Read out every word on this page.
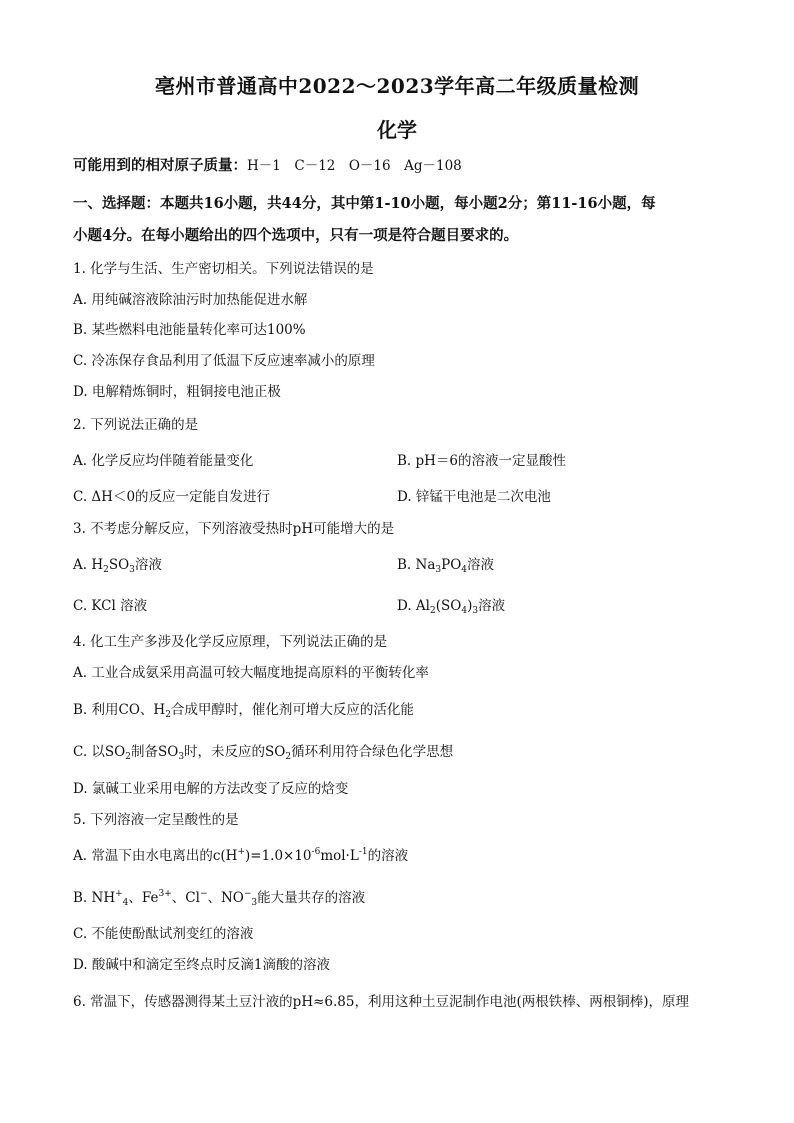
亳州市普通高中2022～2023学年高二年级质量检测
化学
可能用到的相对原子质量：H－1　C－12　O－16　Ag－108
一、选择题：本题共16小题，共44分，其中第1-10小题，每小题2分；第11-16小题，每
小题4分。在每小题给出的四个选项中，只有一项是符合题目要求的。
1. 化学与生活、生产密切相关。下列说法错误的是
A. 用纯碱溶液除油污时加热能促进水解
B. 某些燃料电池能量转化率可达100%
C. 冷冻保存食品利用了低温下反应速率减小的原理
D. 电解精炼铜时，粗铜接电池正极
2. 下列说法正确的是
A. 化学反应均伴随着能量变化	B. pH＝6的溶液一定显酸性
C. ΔH＜0的反应一定能自发进行	D. 锌锰干电池是二次电池
3. 不考虑分解反应，下列溶液受热时pH可能增大的是
A. $H_2SO_3$溶液	B. $Na_3PO_4$溶液
C. KCl 溶液	D. $Al_2(SO_4)_3$溶液
4. 化工生产多涉及化学反应原理，下列说法正确的是
A. 工业合成氨采用高温可较大幅度地提高原料的平衡转化率
B. 利用CO、$H_2$合成甲醇时，催化剂可增大反应的活化能
C. 以$SO_2$制备$SO_3$时，未反应的$SO_2$循环利用符合绿色化学思想
D. 氯碱工业采用电解的方法改变了反应的焓变
5. 下列溶液一定呈酸性的是
A. 常温下由水电离出的$c(H^+)=1.0\times 10^{-6}mol\cdot L^{-1}$的溶液
B. $NH^+_4$、$Fe^{3+}$、Cl−、$NO^-_3$能大量共存的溶液
C. 不能使酚酞试剂变红的溶液
D. 酸碱中和滴定至终点时反滴1滴酸的溶液
6. 常温下，传感器测得某土豆汁液的pH≈6.85，利用这种土豆泥制作电池(两根铁棒、两根铜棒)，原理
